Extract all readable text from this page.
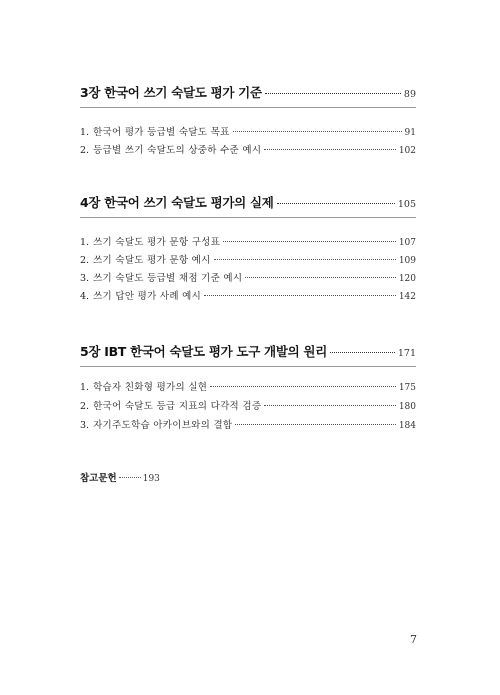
3장 한국어 쓰기 숙달도 평가 기준	89
1. 한국어 평가 등급별 숙달도 목표	91
2. 등급별 쓰기 숙달도의 상중하 수준 예시	102
4장 한국어 쓰기 숙달도 평가의 실제	105
1. 쓰기 숙달도 평가 문항 구성표	107
2. 쓰기 숙달도 평가 문항 예시	109
3. 쓰기 숙달도 등급별 채점 기준 예시	120
4. 쓰기 답안 평가 사례 예시	142
5장 IBT 한국어 숙달도 평가 도구 개발의 원리	171
1. 학습자 친화형 평가의 실현	175
2. 한국어 숙달도 등급 지표의 다각적 검증	180
3. 자기주도학습 아카이브와의 결합	184
참고문헌	193
7
